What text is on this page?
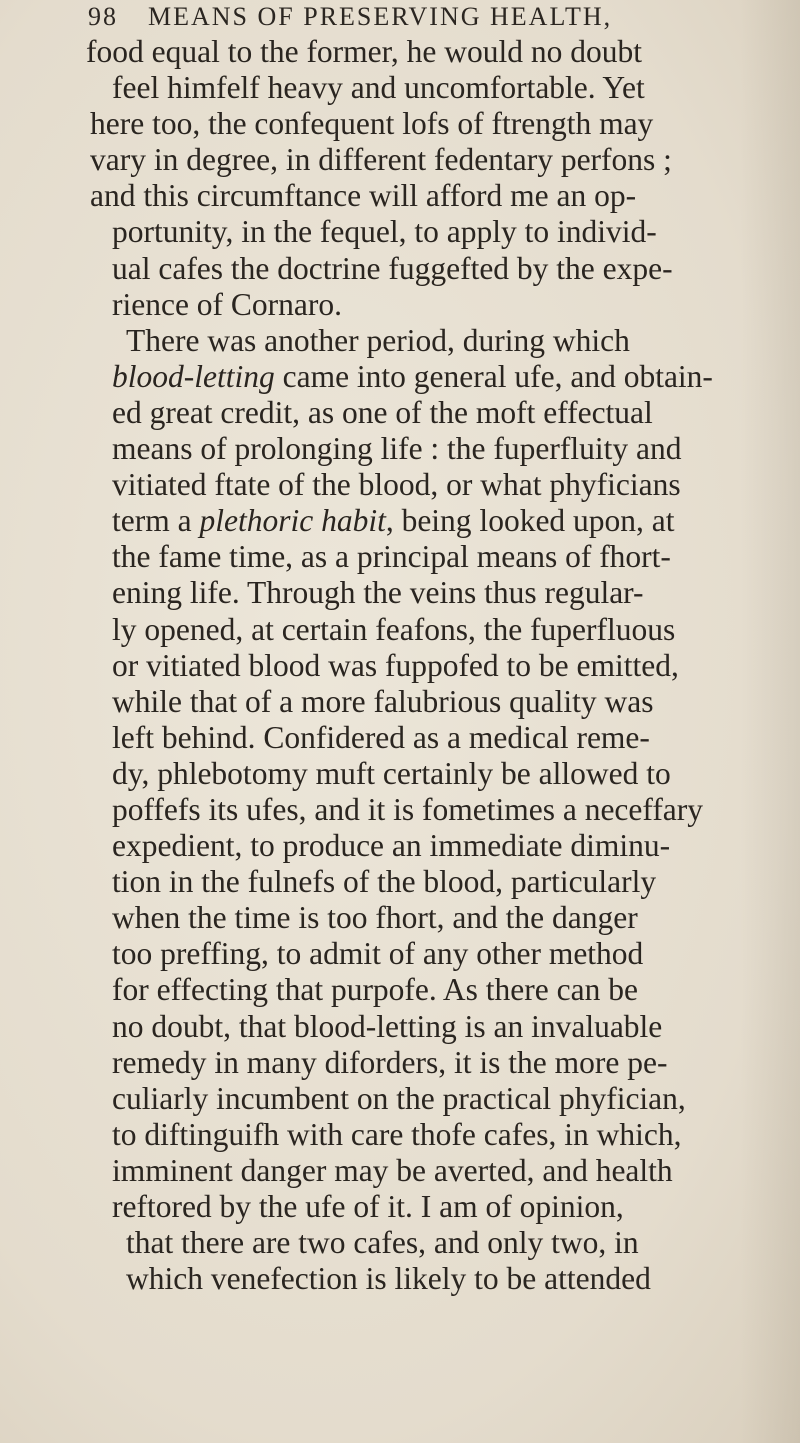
98 MEANS OF PRESERVING HEALTH,
food equal to the former, he would no doubt
feel himfelf heavy and uncomfortable. Yet
here too, the confequent lofs of ftrength may
vary in degree, in different fedentary perfons ;
and this circumftance will afford me an op-
portunity, in the fequel, to apply to individ-
ual cafes the doctrine fuggefted by the expe-
rience of Cornaro.
There was another period, during which
blood-letting came into general ufe, and obtain-
ed great credit, as one of the moft effectual
means of prolonging life : the fuperfluity and
vitiated ftate of the blood, or what phyficians
term a plethoric habit, being looked upon, at
the fame time, as a principal means of fhort-
ening life. Through the veins thus regular-
ly opened, at certain feafons, the fuperfluous
or vitiated blood was fuppofed to be emitted,
while that of a more falubrious quality was
left behind. Confidered as a medical reme-
dy, phlebotomy muft certainly be allowed to
poffefs its ufes, and it is fometimes a neceffary
expedient, to produce an immediate diminu-
tion in the fulnefs of the blood, particularly
when the time is too fhort, and the danger
too preffing, to admit of any other method
for effecting that purpofe. As there can be
no doubt, that blood-letting is an invaluable
remedy in many diforders, it is the more pe-
culiarly incumbent on the practical phyfician,
to diftinguifh with care thofe cafes, in which,
imminent danger may be averted, and health
reftored by the ufe of it. I am of opinion,
that there are two cafes, and only two, in
which venefection is likely to be attended
